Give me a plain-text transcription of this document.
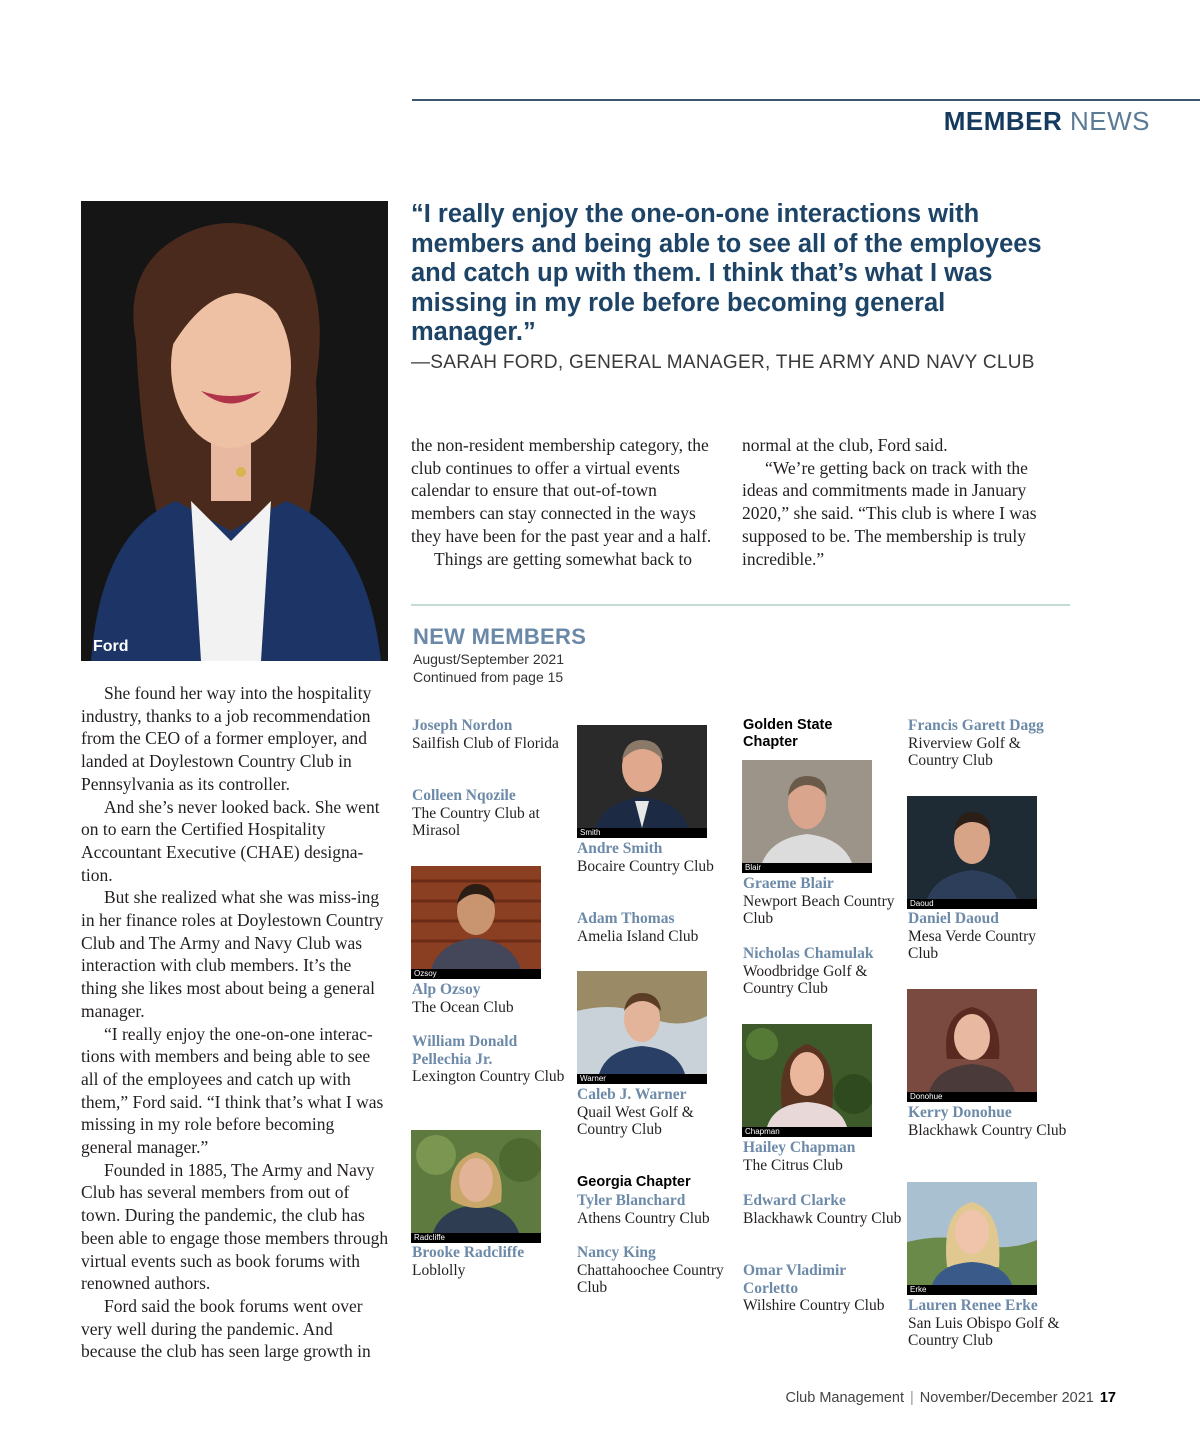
MEMBER NEWS
Ford
“I really enjoy the one-on-one interactions with members and being able to see all of the employees and catch up with them. I think that’s what I was missing in my role before becoming general manager.”
—SARAH FORD, GENERAL MANAGER, THE ARMY AND NAVY CLUB

She found her way into the hospitality industry, thanks to a job recommendation from the CEO of a former employer, and landed at Doylestown Country Club in Pennsylvania as its controller.

And she’s never looked back. She went on to earn the Certified Hospitality Accountant Executive (CHAE) designa-tion.

But she realized what she was miss-ing in her finance roles at Doylestown Country Club and The Army and Navy Club was interaction with club members. It’s the thing she likes most about being a general manager.

“I really enjoy the one-on-one interac-tions with members and being able to see all of the employees and catch up with them,” Ford said. “I think that’s what I was missing in my role before becoming general manager.”

Founded in 1885, The Army and Navy Club has several members from out of town. During the pandemic, the club has been able to engage those members through virtual events such as book forums with renowned authors.

Ford said the book forums went over very well during the pandemic. And because the club has seen large growth in

the non-resident membership category, the club continues to offer a virtual events calendar to ensure that out-of-town members can stay connected in the ways they have been for the past year and a half.

Things are getting somewhat back to

normal at the club, Ford said.

“We’re getting back on track with the ideas and commitments made in January 2020,” she said. “This club is where I was supposed to be. The membership is truly incredible.”

NEW MEMBERS
August/September 2021
Continued from page 15
Joseph Nordon
Sailfish Club of Florida
Colleen Nqozile
The Country Club at Mirasol
Ozsoy
Alp Ozsoy
The Ocean Club
William Donald Pellechia Jr.
Lexington Country Club
Radcliffe
Brooke Radcliffe
Loblolly
Smith
Andre Smith
Bocaire Country Club
Adam Thomas
Amelia Island Club
Warner
Caleb J. Warner
Quail West Golf & Country Club
Georgia Chapter
Tyler Blanchard
Athens Country Club
Nancy King
Chattahoochee Country Club
Golden State Chapter
Blair
Graeme Blair
Newport Beach Country Club
Nicholas Chamulak
Woodbridge Golf & Country Club
Chapman
Hailey Chapman
The Citrus Club
Edward Clarke
Blackhawk Country Club
Omar Vladimir Corletto
Wilshire Country Club
Francis Garett Dagg
Riverview Golf & Country Club
Daoud
Daniel Daoud
Mesa Verde Country Club
Donohue
Kerry Donohue
Blackhawk Country Club
Erke
Lauren Renee Erke
San Luis Obispo Golf & Country Club
Club Management | November/December 2021 17
